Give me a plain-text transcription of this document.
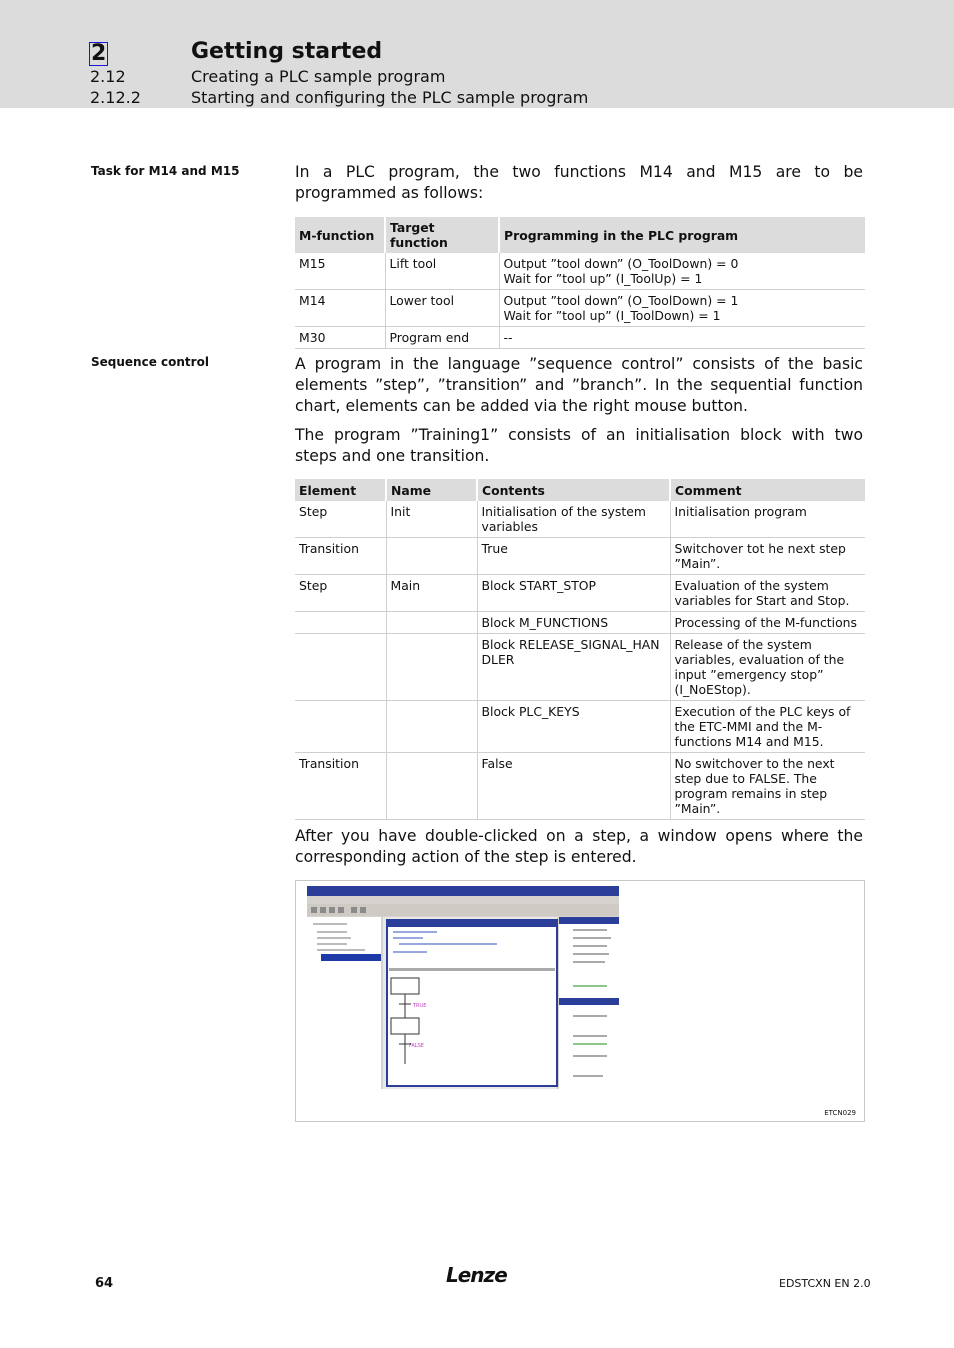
2	Getting started
2.12	Creating a PLC sample program
2.12.2	Starting and configuring the PLC sample program
Task for M14 and M15	In a PLC program, the two functions M14 and M15 are to be programmed as follows:
M-function	Target function	Programming in the PLC program
M15	Lift tool	Output ”tool down” (O_ToolDown) = 0
Wait for ”tool up” (I_ToolUp) = 1

M14	Lower tool	Output ”tool down” (O_ToolDown) = 1
Wait for ”tool up” (I_ToolDown) = 1

M30	Program end	--
Sequence control	A program in the language ”sequence control” consists of the basic elements ”step”, ”transition” and ”branch”. In the sequential function chart, elements can be added via the right mouse button.
The program ”Training1” consists of an initialisation block with two steps and one transition.
Element	Name	Contents	Comment
Step	Init	Initialisation of the system variables	Initialisation program
Transition		True	Switchover tot he next step ”Main”.
Step	Main	Block START_STOP	Evaluation of the system variables for Start and Stop.
		Block M_FUNCTIONS	Processing of the M-functions
		Block RELEASE_SIGNAL_HANDLER	Release of the system variables, evaluation of the input ”emergency stop” (I_NoEStop).
		Block PLC_KEYS	Execution of the PLC keys of the ETC-MMI and the M-functions M14 and M15.
Transition		False	No switchover to the next step due to FALSE. The program remains in step ”Main”.
After you have double-clicked on a step, a window opens where the corresponding action of the step is entered.
TRUE
FALSE
ETCN029
64	Lenze	EDSTCXN EN 2.0
